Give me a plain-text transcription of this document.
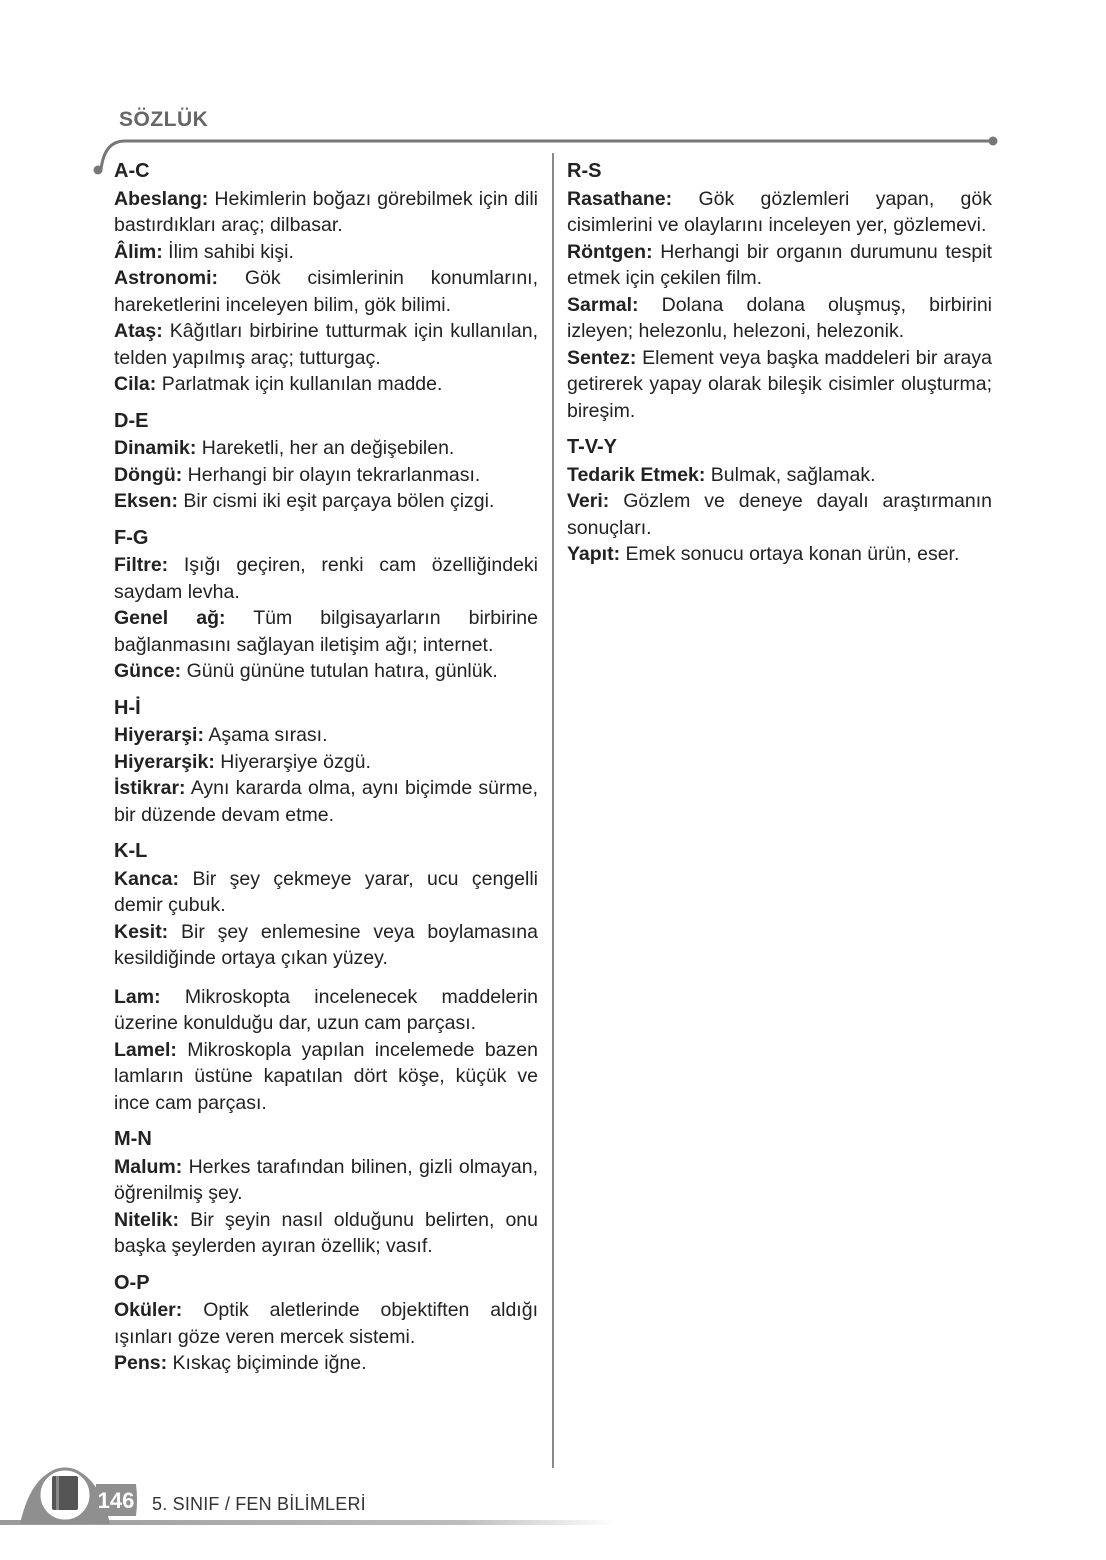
SÖZLÜK
A-C
Abeslang: Hekimlerin boğazı görebilmek için dili bastırdıkları araç; dilbasar.
Âlim: İlim sahibi kişi.
Astronomi: Gök cisimlerinin konumlarını, hareketlerini inceleyen bilim, gök bilimi.
Ataş: Kâğıtları birbirine tutturmak için kullanılan, telden yapılmış araç; tutturgaç.
Cila: Parlatmak için kullanılan madde.
D-E
Dinamik: Hareketli, her an değişebilen.
Döngü: Herhangi bir olayın tekrarlanması.
Eksen: Bir cismi iki eşit parçaya bölen çizgi.
F-G
Filtre: Işığı geçiren, renki cam özelliğindeki saydam levha.
Genel ağ: Tüm bilgisayarların birbirine bağlanmasını sağlayan iletişim ağı; internet.
Günce: Günü gününe tutulan hatıra, günlük.
H-İ
Hiyerarşi: Aşama sırası.
Hiyerarşik: Hiyerarşiye özgü.
İstikrar: Aynı kararda olma, aynı biçimde sürme, bir düzende devam etme.
K-L
Kanca: Bir şey çekmeye yarar, ucu çengelli demir çubuk.
Kesit: Bir şey enlemesine veya boylamasına kesildiğinde ortaya çıkan yüzey.
Lam: Mikroskopta incelenecek maddelerin üzerine konulduğu dar, uzun cam parçası.
Lamel: Mikroskopla yapılan incelemede bazen lamların üstüne kapatılan dört köşe, küçük ve ince cam parçası.
M-N
Malum: Herkes tarafından bilinen, gizli olmayan, öğrenilmiş şey.
Nitelik: Bir şeyin nasıl olduğunu belirten, onu başka şeylerden ayıran özellik; vasıf.
O-P
Oküler: Optik aletlerinde objektiften aldığı ışınları göze veren mercek sistemi.
Pens: Kıskaç biçiminde iğne.
R-S
Rasathane: Gök gözlemleri yapan, gök cisimlerini ve olaylarını inceleyen yer, gözlemevi.
Röntgen: Herhangi bir organın durumunu tespit etmek için çekilen film.
Sarmal: Dolana dolana oluşmuş, birbirini izleyen; helezonlu, helezoni, helezonik.
Sentez: Element veya başka maddeleri bir araya getirerek yapay olarak bileşik cisimler oluşturma; bireşim.
T-V-Y
Tedarik Etmek: Bulmak, sağlamak.
Veri: Gözlem ve deneye dayalı araştırmanın sonuçları.
Yapıt: Emek sonucu ortaya konan ürün, eser.
146 5. SINIF / FEN BİLİMLERİ
